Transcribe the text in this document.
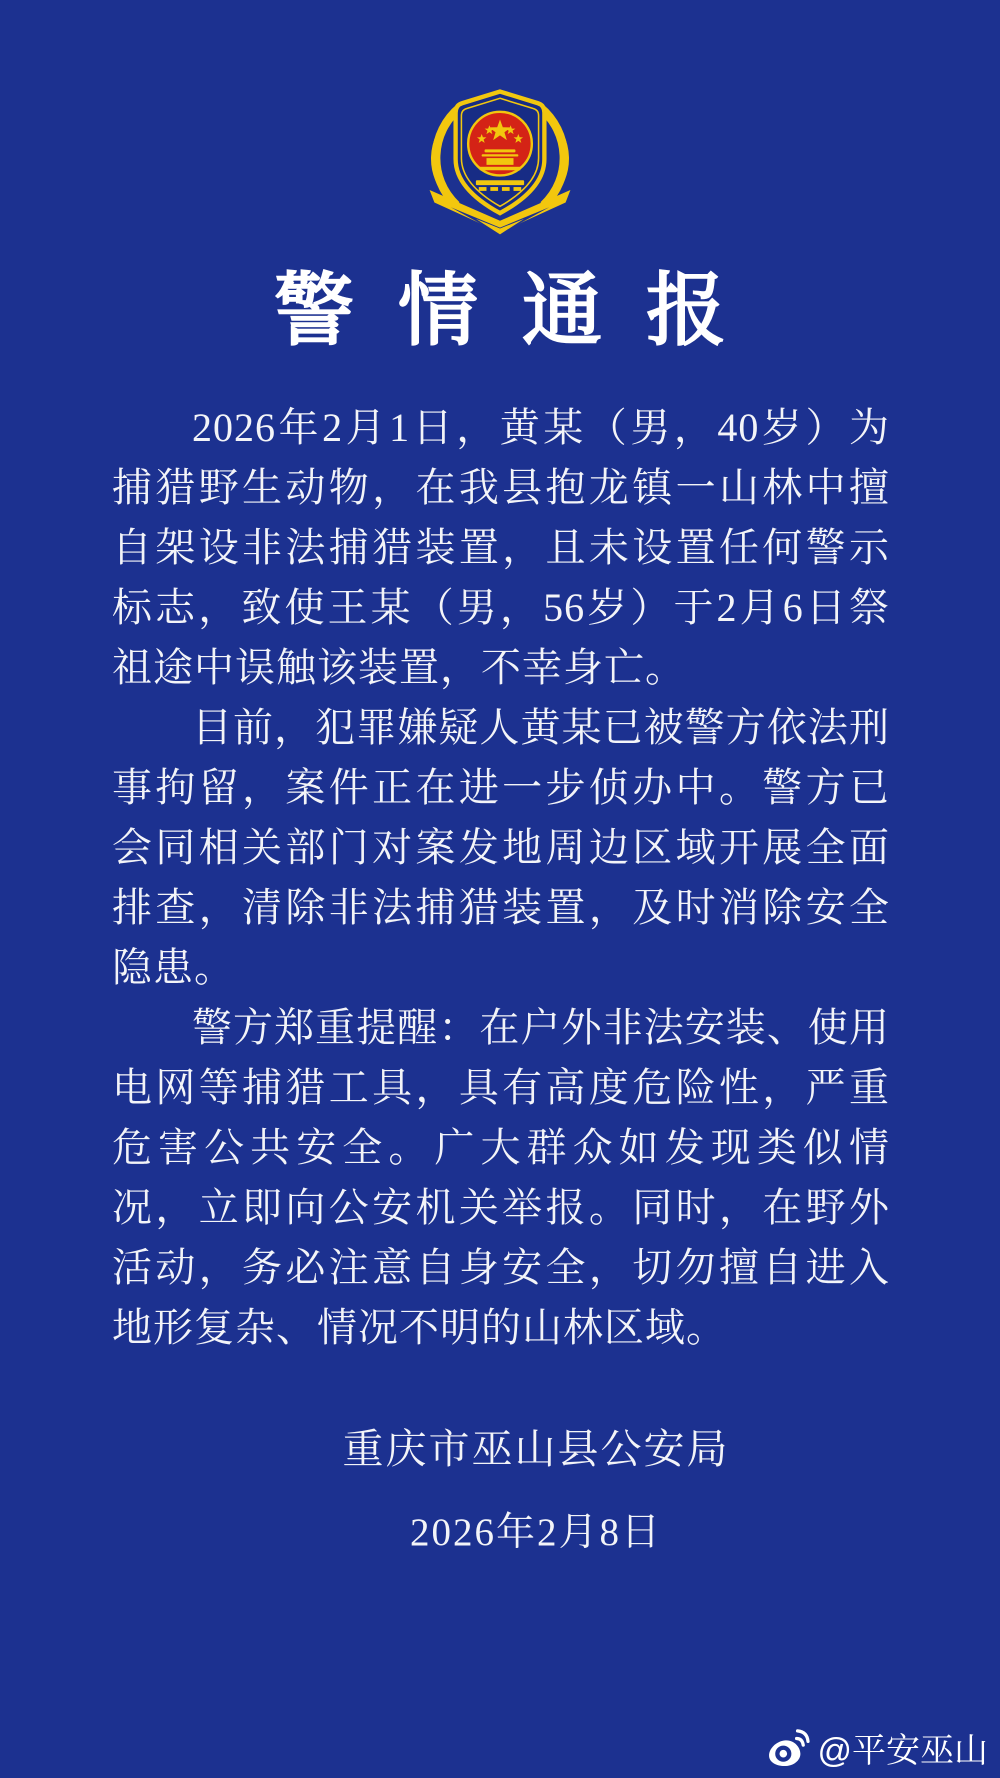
警情通报

2026年2月1日，黄某（男，40岁）为捕猎野生动物，在我县抱龙镇一山林中擅自架设非法捕猎装置，且未设置任何警示标志，致使王某（男，56岁）于2月6日祭祖途中误触该装置，不幸身亡。

目前，犯罪嫌疑人黄某已被警方依法刑事拘留，案件正在进一步侦办中。警方已会同相关部门对案发地周边区域开展全面排查，清除非法捕猎装置，及时消除安全隐患。

警方郑重提醒：在户外非法安装、使用电网等捕猎工具，具有高度危险性，严重危害公共安全。广大群众如发现类似情况，立即向公安机关举报。同时，在野外活动，务必注意自身安全，切勿擅自进入地形复杂、情况不明的山林区域。

重庆市巫山县公安局
2026年2月8日
@平安巫山
